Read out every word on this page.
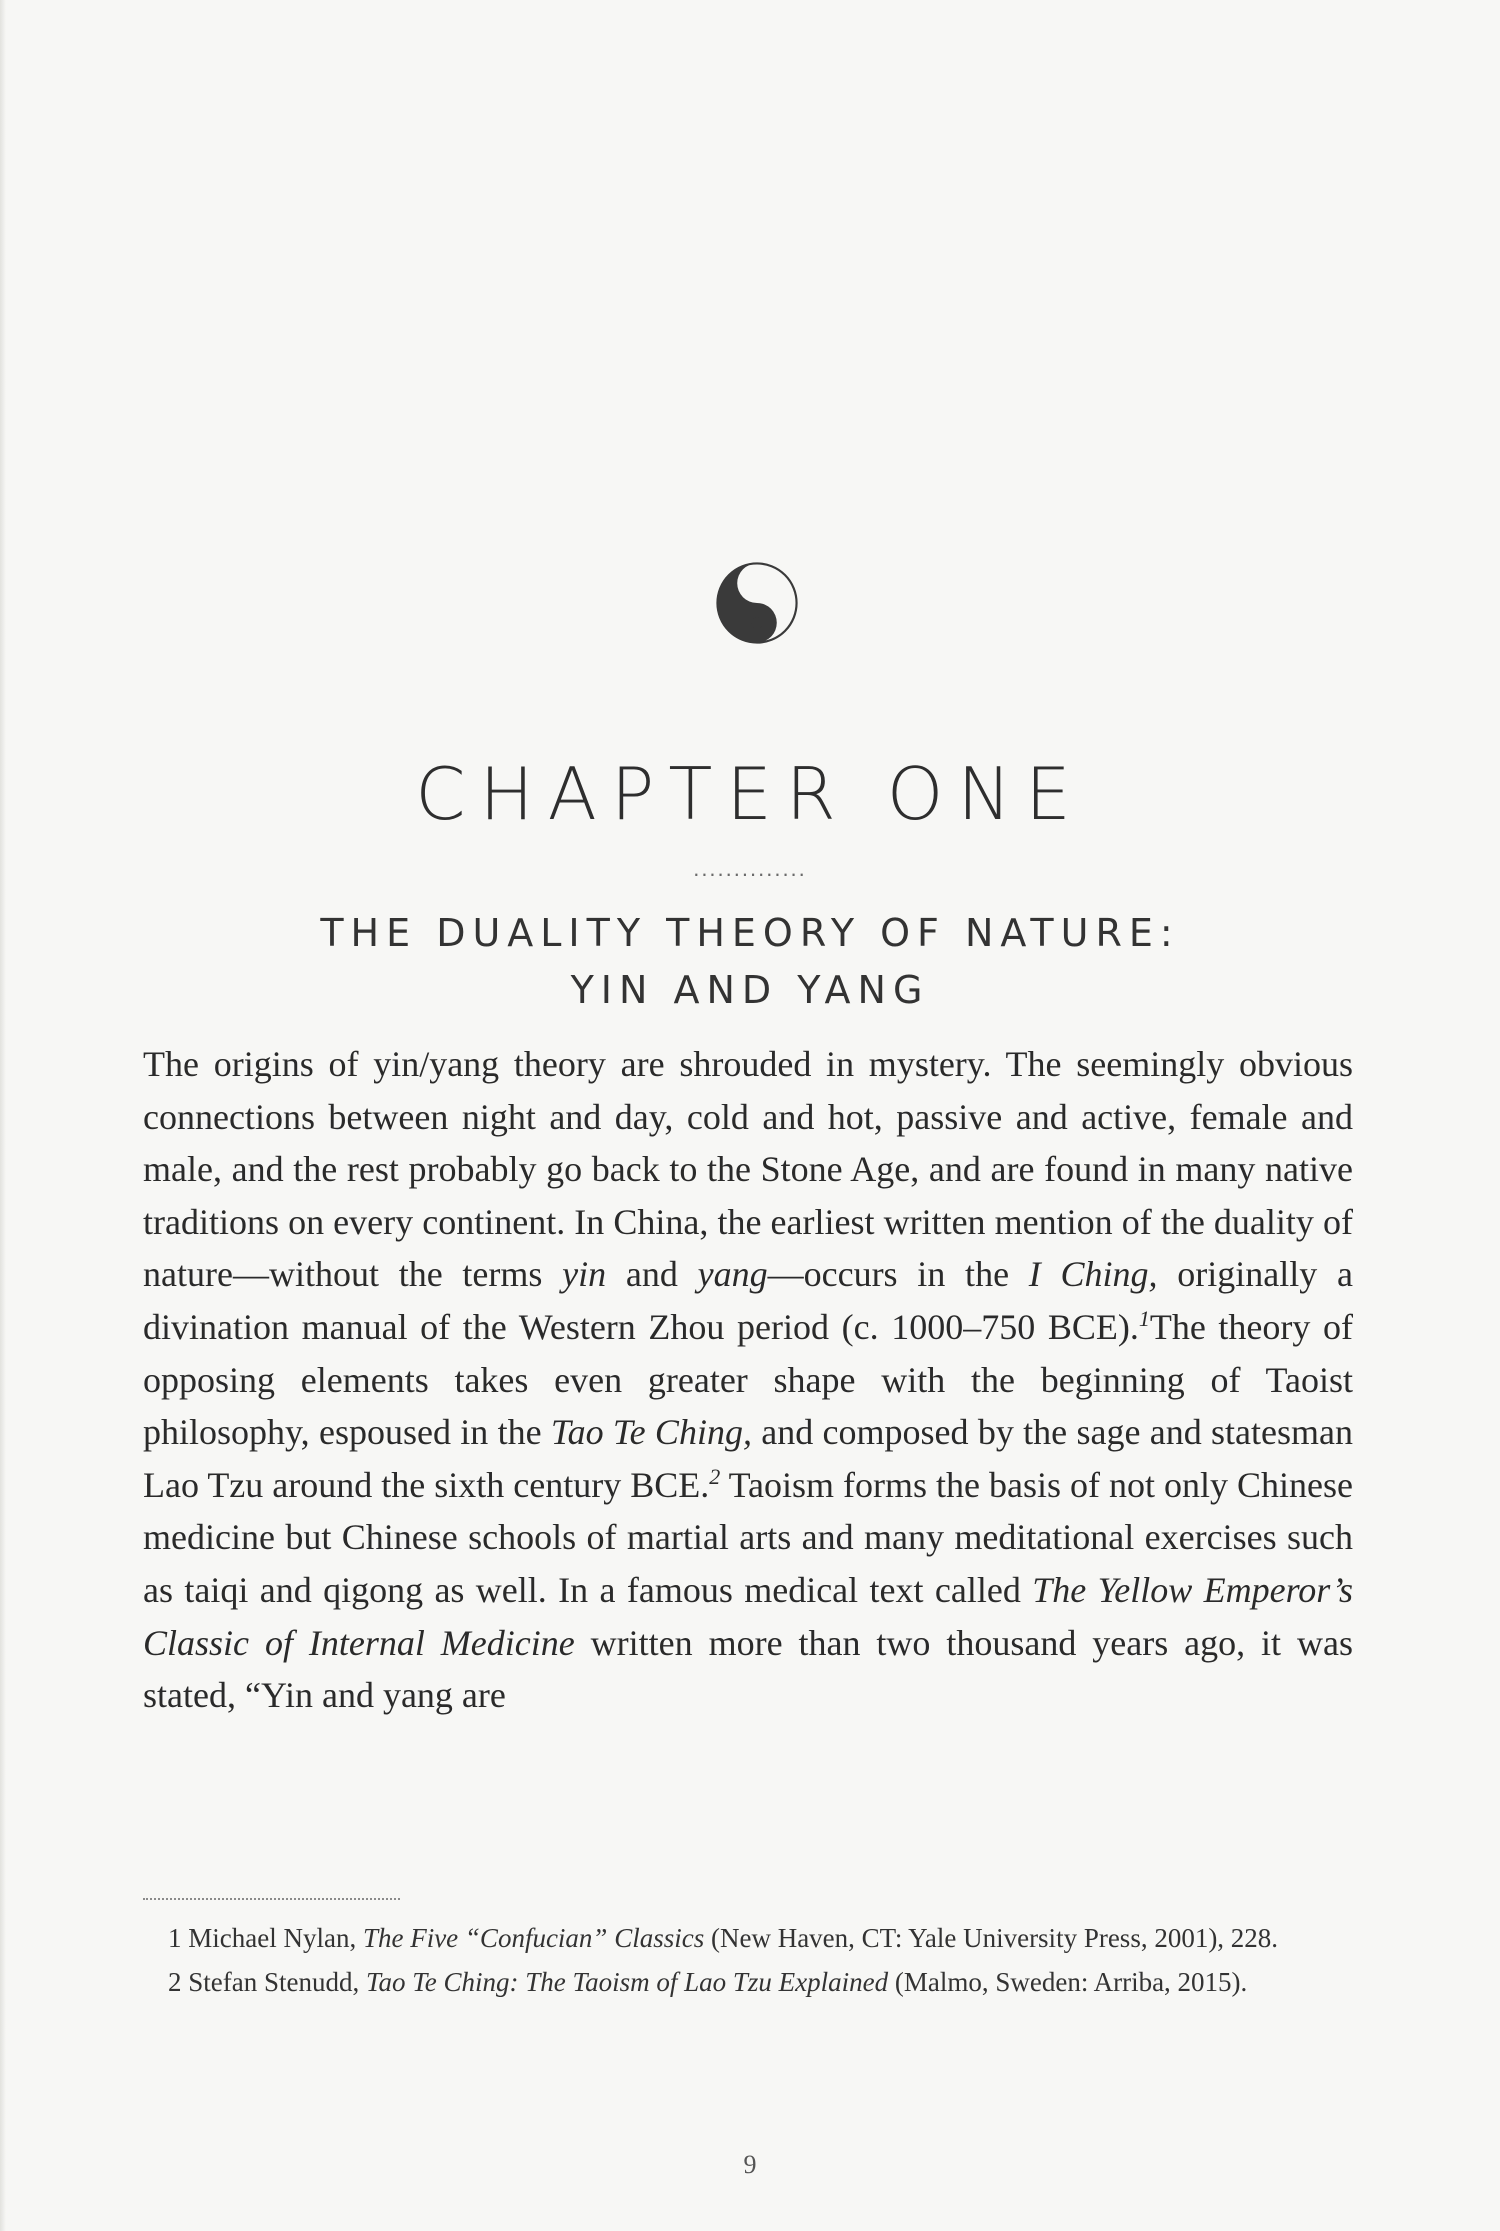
CHAPTER ONE
..............
THE DUALITY THEORY OF NATURE:
YIN AND YANG
The origins of yin/yang theory are shrouded in mystery. The seemingly obvious connections between night and day, cold and hot, passive and active, female and male, and the rest probably go back to the Stone Age, and are found in many native traditions on every continent. In China, the earliest written mention of the duality of nature—without the terms yin and yang—occurs in the I Ching, originally a divination manual of the Western Zhou period (c. 1000–750 BCE).$^1$The theory of opposing elements takes even greater shape with the beginning of Taoist philosophy, espoused in the Tao Te Ching, and composed by the sage and statesman Lao Tzu around the sixth century BCE.$^2$ Taoism forms the basis of not only Chinese medicine but Chinese schools of martial arts and many meditational exercises such as taiqi and qigong as well. In a famous medical text called The Yellow Emperor’s Classic of Internal Medicine written more than two thousand years ago, it was stated, “Yin and yang are
1 Michael Nylan, The Five “Confucian” Classics (New Haven, CT: Yale University Press, 2001), 228.
2 Stefan Stenudd, Tao Te Ching: The Taoism of Lao Tzu Explained (Malmo, Sweden: Arriba, 2015).
9
